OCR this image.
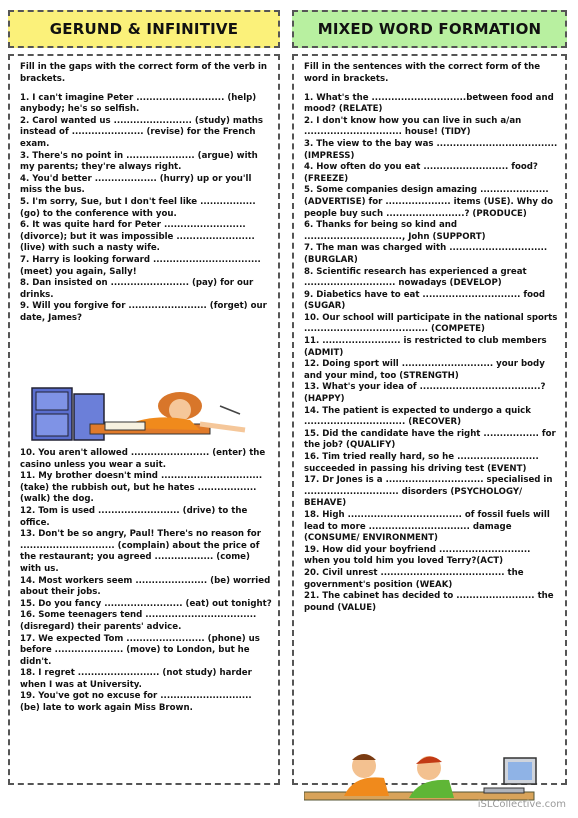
GERUND & INFINITIVE
Fill in the gaps with the correct form of the verb in brackets.
1. I can't imagine Peter ........................... (help) anybody; he's so selfish.
2. Carol wanted us ........................ (study) maths instead of ...................... (revise) for the French exam.
3. There's no point in ..................... (argue) with my parents; they're always right.
4. You'd better ................... (hurry) up or you'll miss the bus.
5. I'm sorry, Sue, but I don't feel like ................. (go) to the conference with you.
6. It was quite hard for Peter ......................... (divorce); but it was impossible ........................ (live) with such a nasty wife.
7. Harry is looking forward ................................. (meet) you again, Sally!
8. Dan insisted on ........................ (pay) for our drinks.
9. Will you forgive for ........................ (forget) our date, James?
10. You aren't allowed ........................ (enter) the casino unless you wear a suit.
11. My brother doesn't mind ............................... (take) the rubbish out, but he hates .................. (walk) the dog.
12. Tom is used ......................... (drive) to the office.
13. Don't be so angry, Paul! There's no reason for ............................. (complain) about the price of the restaurant; you agreed .................. (come) with us.
14. Most workers seem ...................... (be) worried about their jobs.
15. Do you fancy ........................ (eat) out tonight?
16. Some teenagers tend .................................. (disregard) their parents' advice.
17. We expected Tom ........................ (phone) us before ..................... (move) to London, but he didn't.
18. I regret ......................... (not study) harder when I was at University.
19. You've got no excuse for ............................ (be) late to work again Miss Brown.
MIXED WORD FORMATION
Fill in the sentences with the correct form of the word in brackets.
1. What's the .............................between food and mood? (RELATE)
2. I don't know how you can live in such a/an .............................. house! (TIDY)
3. The view to the bay was ..................................... (IMPRESS)
4. How often do you eat .......................... food? (FREEZE)
5. Some companies design amazing ..................... (ADVERTISE) for .................... items (USE). Why do people buy such ........................? (PRODUCE)
6. Thanks for being so kind and .............................., John (SUPPORT)
7. The man was charged with .............................. (BURGLAR)
8. Scientific research has experienced a great ............................ nowadays (DEVELOP)
9. Diabetics have to eat .............................. food (SUGAR)
10. Our school will participate in the national sports ...................................... (COMPETE)
11. ........................ is restricted to club members (ADMIT)
12. Doing sport will ............................ your body and your mind, too (STRENGTH)
13. What's your idea of .....................................? (HAPPY)
14. The patient is expected to undergo a quick ............................... (RECOVER)
15. Did the candidate have the right ................. for the job? (QUALIFY)
16. Tim tried really hard, so he ......................... succeeded in passing his driving test (EVENT)
17. Dr Jones is a .............................. specialised in ............................. disorders (PSYCHOLOGY/ BEHAVE)
18. High ................................... of fossil fuels will lead to more ............................... damage (CONSUME/ ENVIRONMENT)
19. How did your boyfriend ............................ when you told him you loved Terry?(ACT)
20. Civil unrest ...................................... the government's position (WEAK)
21. The cabinet has decided to ........................ the pound (VALUE)
iSLCollective.com
